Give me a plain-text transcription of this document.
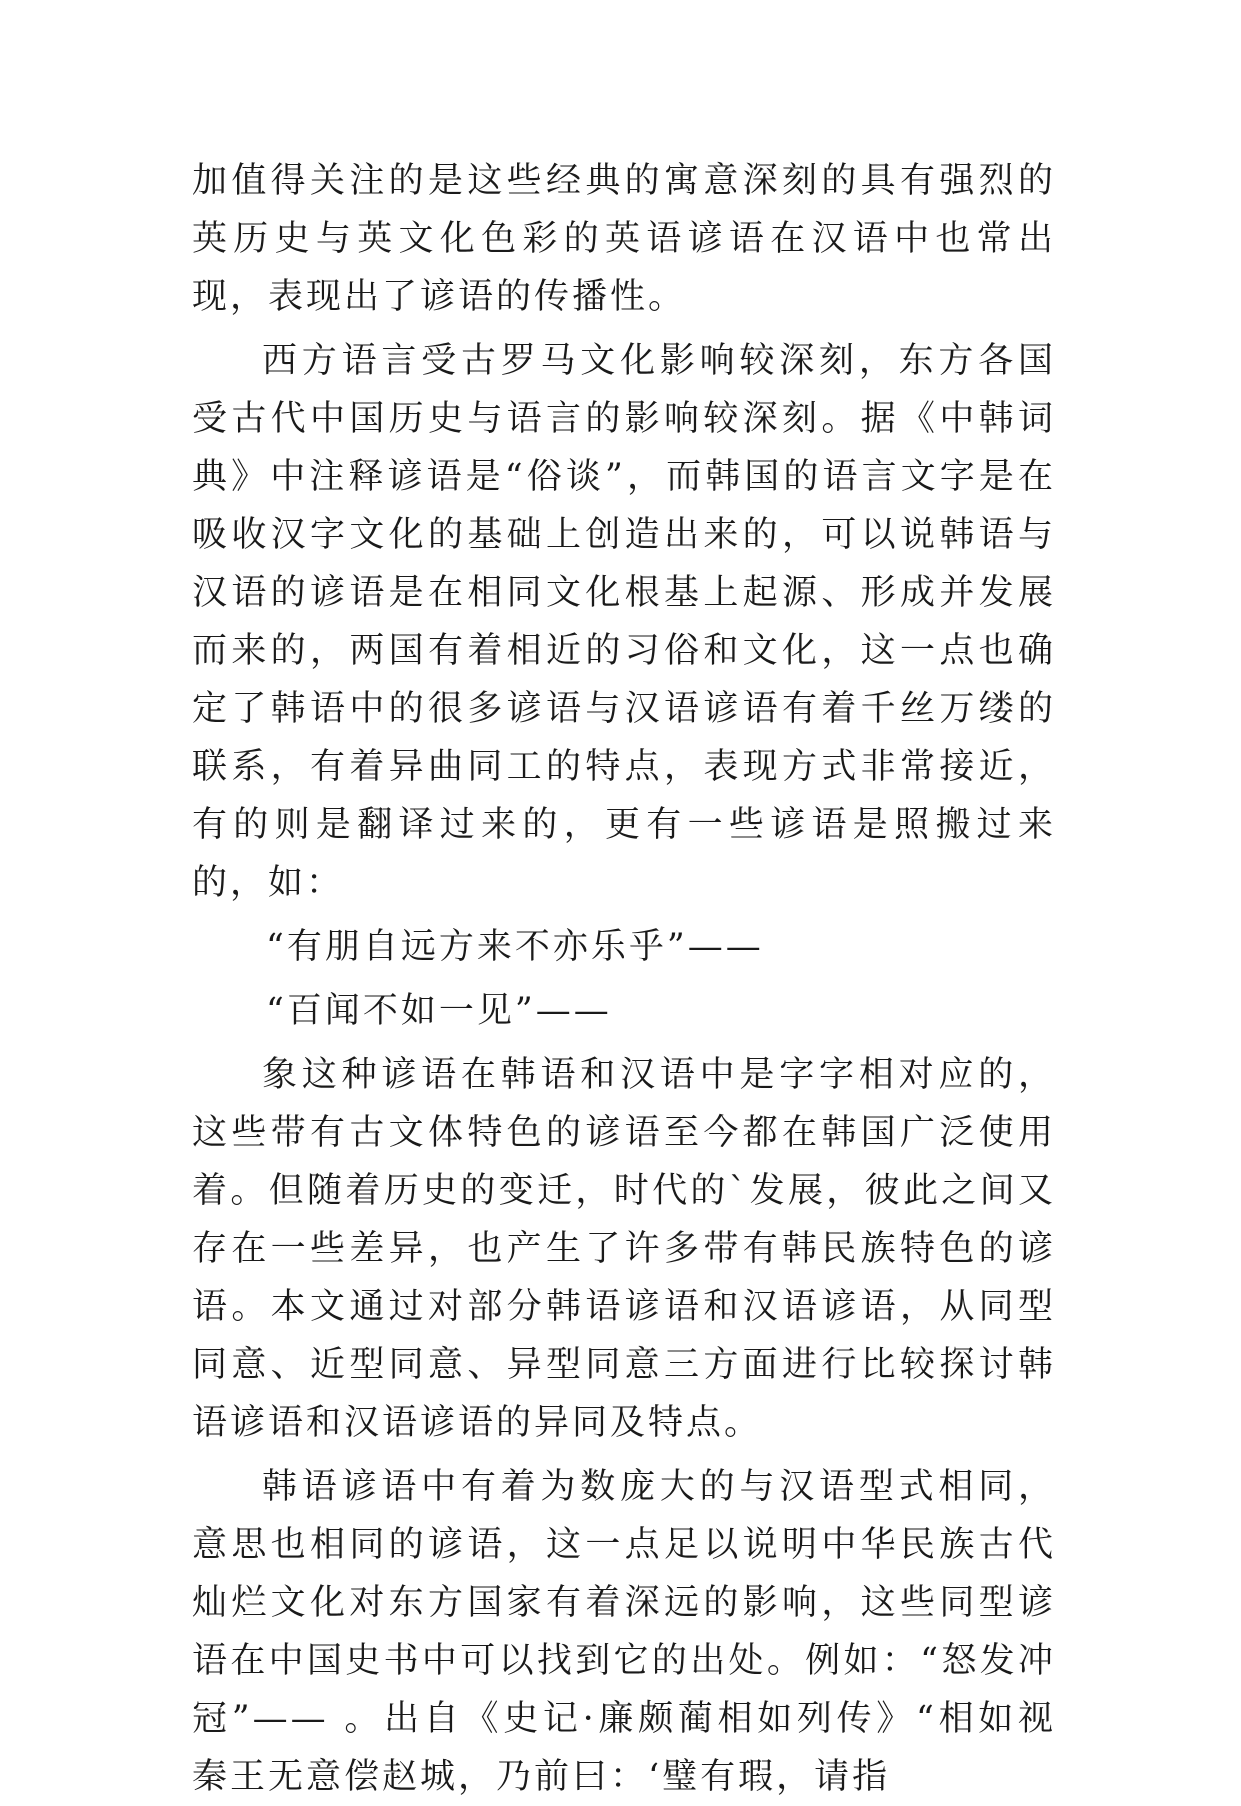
加值得关注的是这些经典的寓意深刻的具有强烈的英历史与英文化色彩的英语谚语在汉语中也常出现，表现出了谚语的传播性。

西方语言受古罗马文化影响较深刻，东方各国受古代中国历史与语言的影响较深刻。据《中韩词典》中注释谚语是“俗谈”，而韩国的语言文字是在吸收汉字文化的基础上创造出来的，可以说韩语与汉语的谚语是在相同文化根基上起源、形成并发展而来的，两国有着相近的习俗和文化，这一点也确定了韩语中的很多谚语与汉语谚语有着千丝万缕的联系，有着异曲同工的特点，表现方式非常接近，有的则是翻译过来的，更有一些谚语是照搬过来的，如：

“有朋自远方来不亦乐乎”——

“百闻不如一见”——

象这种谚语在韩语和汉语中是字字相对应的，这些带有古文体特色的谚语至今都在韩国广泛使用着。但随着历史的变迁，时代的`发展，彼此之间又存在一些差异，也产生了许多带有韩民族特色的谚语。本文通过对部分韩语谚语和汉语谚语，从同型同意、近型同意、异型同意三方面进行比较探讨韩语谚语和汉语谚语的异同及特点。

韩语谚语中有着为数庞大的与汉语型式相同，意思也相同的谚语，这一点足以说明中华民族古代灿烂文化对东方国家有着深远的影响，这些同型谚语在中国史书中可以找到它的出处。例如：“怒发冲冠”—— 。出自《史记·廉颇蔺相如列传》“相如视秦王无意偿赵城，乃前曰：‘璧有瑕，请指
